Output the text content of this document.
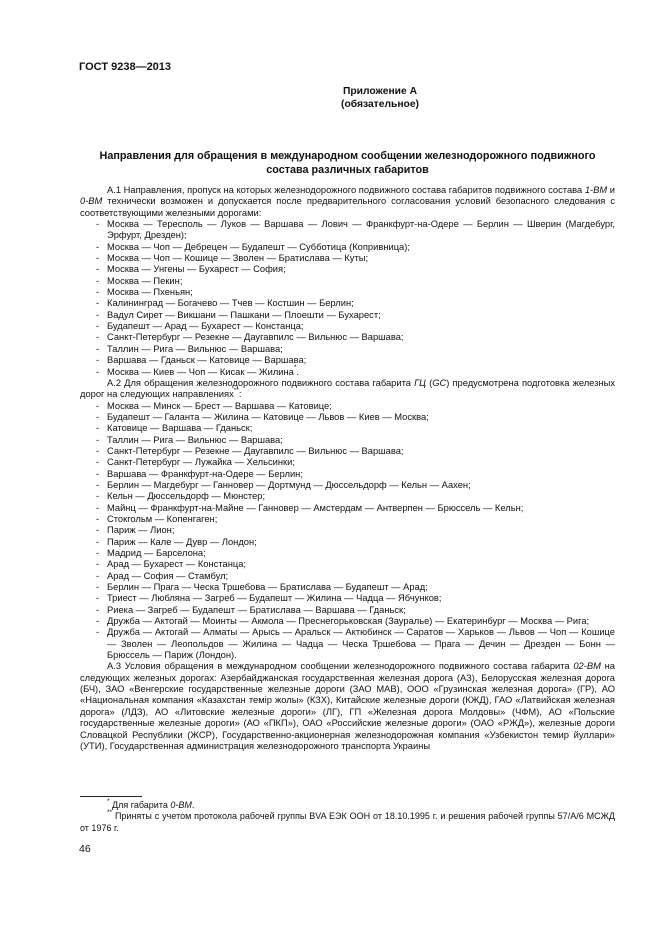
ГОСТ 9238—2013
Приложение А
(обязательное)
Направления для обращения в международном сообщении железнодорожного подвижного состава различных габаритов

А.1 Направления, пропуск на которых железнодорожного подвижного состава габаритов подвижного состава 1-ВМ и 0-ВМ технически возможен и допускается после предварительного согласования условий безопасного следования с соответствующими железными дорогами:

- Москва — Тересполь — Луков — Варшава — Лович — Франкфурт-на-Одере — Берлин — Шверин (Магдебург, Эрфурт, Дрезден);

- Москва — Чоп — Дебрецен — Будапешт — Субботица (Копривница);

- Москва — Чоп — Кошице — Зволен — Братислава — Куты;

- Москва — Унгены — Бухарест — София;

- Москва — Пекин;

- Москва — Пхеньян;

- Калининград — Богачево — Тчев — Костшин — Берлин;

- Вадул Сирет — Викшани — Пашкани — Плоешти — Бухарест;

- Будапешт — Арад — Бухарест — Констанца;

- Санкт-Петербург — Резекне — Даугавпилс — Вильнюс — Варшава;

- Таллин — Рига — Вильнюс — Варшава;

- Варшава — Гданьск — Катовице — Варшава;

- Москва — Киев — Чоп — Кисак — Жилина*.

А.2 Для обращения железнодорожного подвижного состава габарита ГЦ (GC) предусмотрена подготовка железных дорог на следующих направлениях**:

- Москва — Минск — Брест — Варшава — Катовице;

- Будапешт — Галанта — Жилина — Катовице — Львов — Киев — Москва;

- Катовице — Варшава — Гданьск;

- Таллин — Рига — Вильнюс — Варшава;

- Санкт-Петербург — Резекне — Даугавпилс — Вильнюс — Варшава;

- Санкт-Петербург — Лужайка — Хельсинки;

- Варшава — Франкфурт-на-Одере — Берлин;

- Берлин — Магдебург — Ганновер — Дортмунд — Дюссельдорф — Кельн — Аахен;

- Кельн — Дюссельдорф — Мюнстер;

- Майнц — Франкфурт-на-Майне — Ганновер — Амстердам — Антверпен — Брюссель — Кельн;

- Стокгольм — Копенгаген;

- Париж — Лион;

- Париж — Кале — Дувр — Лондон;

- Мадрид — Барселона;

- Арад — Бухарест — Констанца;

- Арад — София — Стамбул;

- Берлин — Прага — Ческа Тршебова — Братислава — Будапешт — Арад;

- Триест — Любляна — Загреб — Будапешт — Жилина — Чадца — Ябчунков;

- Риека — Загреб — Будапешт — Братислава — Варшава — Гданьск;

- Дружба — Актогай — Моинты — Акмола — Преснегорьковская (Зауралье) — Екатеринбург — Москва — Рига;

- Дружба — Актогай — Алматы — Арысь — Аральск — Актюбинск — Саратов — Харьков — Львов — Чоп — Кошице — Зволен — Леопольдов — Жилина — Чадца — Ческа Тршебова — Прага — Дечин — Дрезден — Бонн — Брюссель — Париж (Лондон).

А.3 Условия обращения в международном сообщении железнодорожного подвижного состава габарита 02-ВМ на следующих железных дорогах: Азербайджанская государственная железная дорога (АЗ), Белорусская железная дорога (БЧ), ЗАО «Венгерские государственные железные дороги (ЗАО МАВ), ООО «Грузинская железная дорога» (ГР), АО «Национальная компания «Казахстан темір жолы» (КЗХ), Китайские железные дороги (КЖД), ГАО «Латвийская железная дорога» (ЛДЗ), АО «Литовские железные дороги» (ЛГ), ГП «Железная дорога Молдовы» (ЧФМ), АО «Польские государственные железные дороги» (АО «ПКП»), ОАО «Российские железные дороги» (ОАО «РЖД»), железные дороги Словацкой Республики (ЖСР), Государственно-акционерная железнодорожная компания «Узбекистон темир йуллари» (УТИ), Государственная администрация железнодорожного транспорта Украины

* Для габарита 0-ВМ.

** Приняты с учетом протокола рабочей группы BVA ЕЭК ООН от 18.10.1995 г. и решения рабочей группы 57/А/6 МСЖД от 1976 г.

46
